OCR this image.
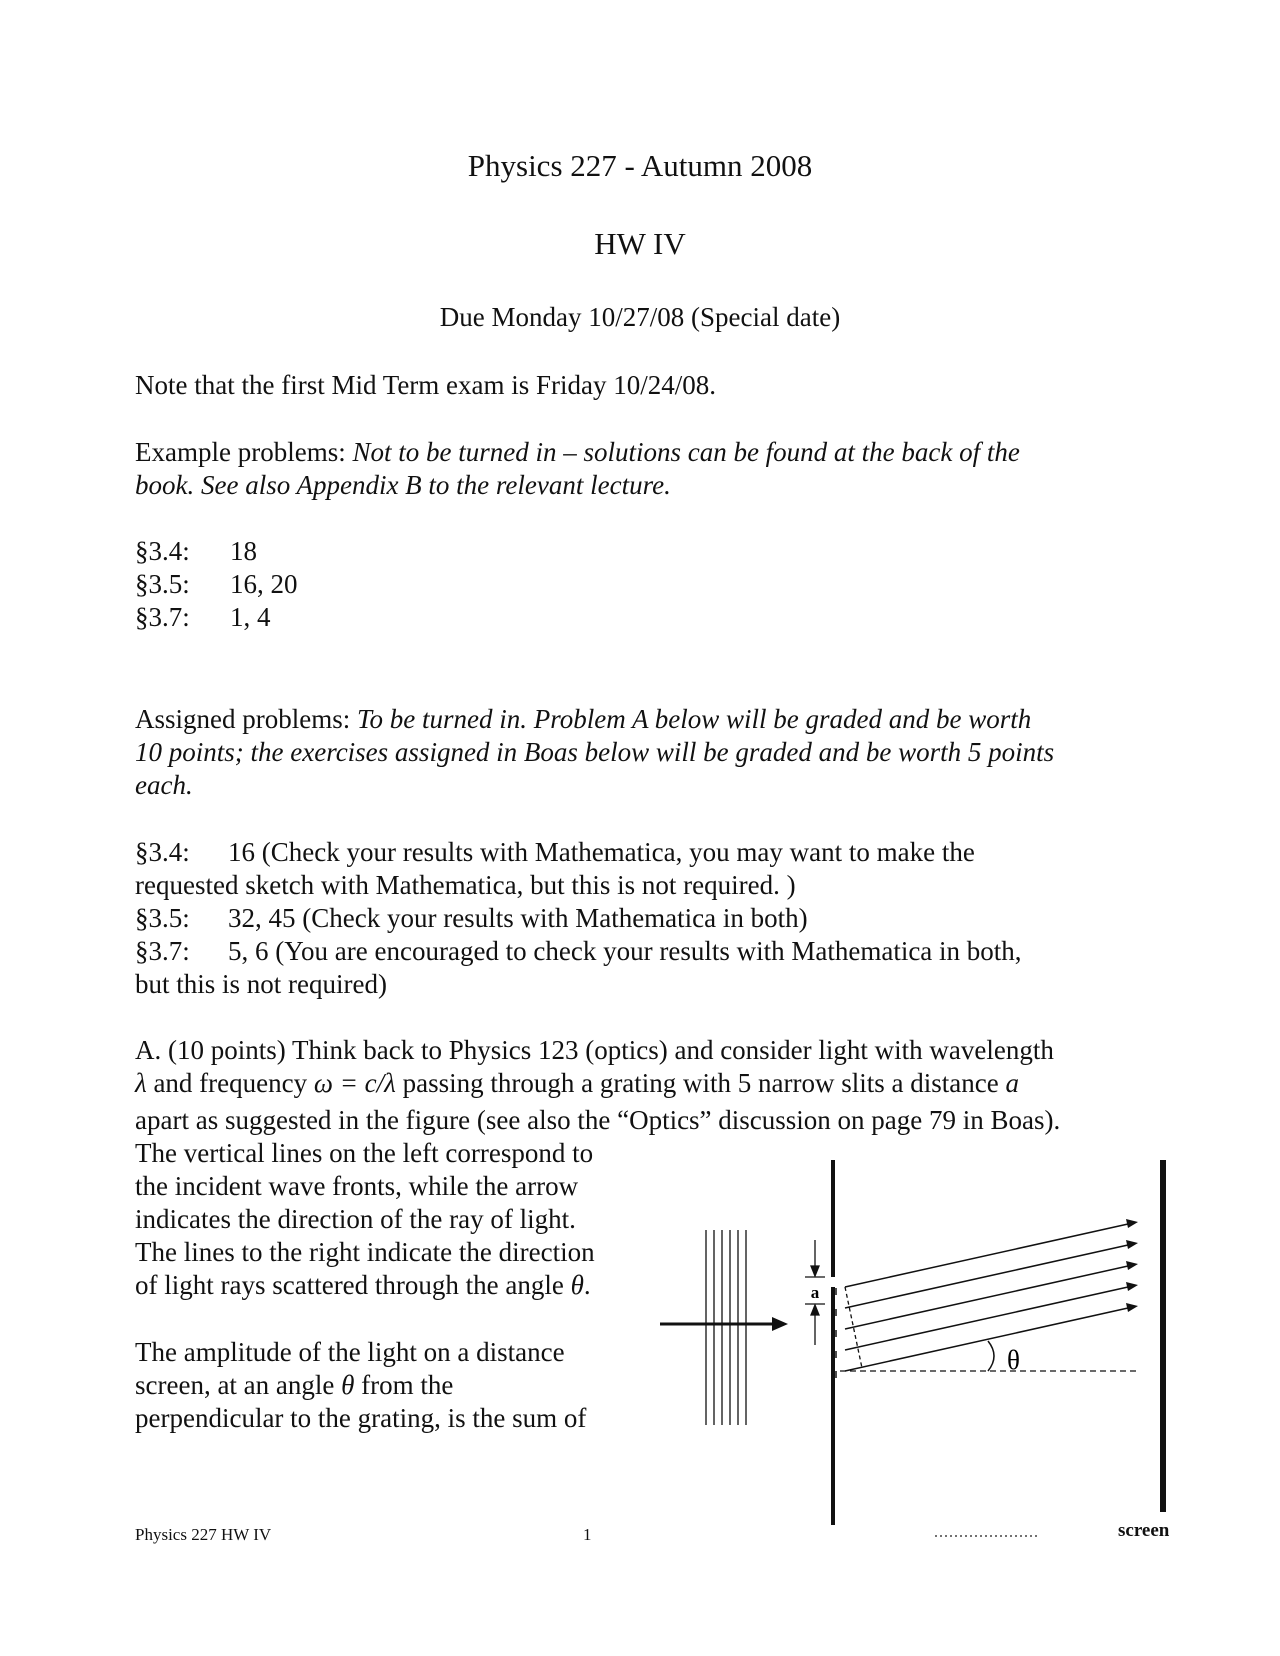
Physics 227 - Autumn 2008
HW IV
Due Monday 10/27/08 (Special date)
Note that the first Mid Term exam is Friday 10/24/08.
Example problems: Not to be turned in – solutions can be found at the back of the
book. See also Appendix B to the relevant lecture.
§3.4: 18
§3.5: 16, 20
§3.7: 1, 4
Assigned problems: To be turned in. Problem A below will be graded and be worth
10 points; the exercises assigned in Boas below will be graded and be worth 5 points
each.
§3.4: 16 (Check your results with Mathematica, you may want to make the
requested sketch with Mathematica, but this is not required. )
§3.5: 32, 45 (Check your results with Mathematica in both)
§3.7: 5, 6 (You are encouraged to check your results with Mathematica in both,
but this is not required)
A. (10 points) Think back to Physics 123 (optics) and consider light with wavelength
λ and frequency ω = c/λ passing through a grating with 5 narrow slits a distance a
apart as suggested in the figure (see also the “Optics” discussion on page 79 in Boas).
The vertical lines on the left correspond to
the incident wave fronts, while the arrow
indicates the direction of the ray of light.
The lines to the right indicate the direction
of light rays scattered through the angle θ.
The amplitude of the light on a distance
screen, at an angle θ from the
perpendicular to the grating, is the sum of
a
θ
screen
Physics 227 HW IV	1
